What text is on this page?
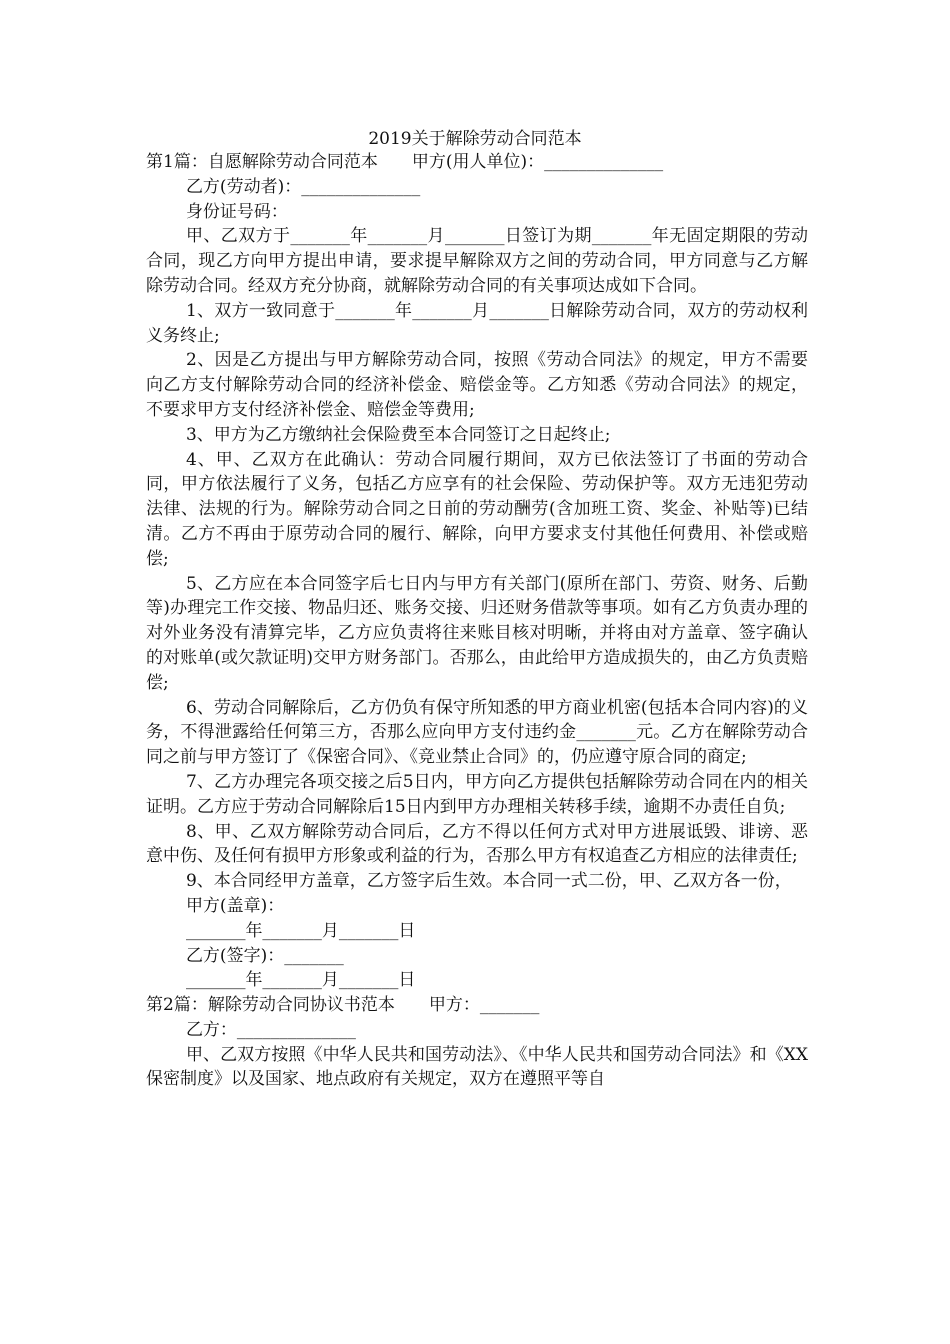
2019关于解除劳动合同范本

第1篇：自愿解除劳动合同范本　　甲方(用人单位)：______________

乙方(劳动者)：______________

身份证号码：

甲、乙双方于_______年_______月_______日签订为期_______年无固定期限的劳动合同，现乙方向甲方提出申请，要求提早解除双方之间的劳动合同，甲方同意与乙方解除劳动合同。经双方充分协商，就解除劳动合同的有关事项达成如下合同。

1、双方一致同意于_______年_______月_______日解除劳动合同，双方的劳动权利义务终止;

2、因是乙方提出与甲方解除劳动合同，按照《劳动合同法》的规定，甲方不需要向乙方支付解除劳动合同的经济补偿金、赔偿金等。乙方知悉《劳动合同法》的规定，不要求甲方支付经济补偿金、赔偿金等费用;

3、甲方为乙方缴纳社会保险费至本合同签订之日起终止;

4、甲、乙双方在此确认：劳动合同履行期间，双方已依法签订了书面的劳动合同，甲方依法履行了义务，包括乙方应享有的社会保险、劳动保护等。双方无违犯劳动法律、法规的行为。解除劳动合同之日前的劳动酬劳(含加班工资、奖金、补贴等)已结清。乙方不再由于原劳动合同的履行、解除，向甲方要求支付其他任何费用、补偿或赔偿;

5、乙方应在本合同签字后七日内与甲方有关部门(原所在部门、劳资、财务、后勤等)办理完工作交接、物品归还、账务交接、归还财务借款等事项。如有乙方负责办理的对外业务没有清算完毕，乙方应负责将往来账目核对明晰，并将由对方盖章、签字确认的对账单(或欠款证明)交甲方财务部门。否那么，由此给甲方造成损失的，由乙方负责赔偿;

6、劳动合同解除后，乙方仍负有保守所知悉的甲方商业机密(包括本合同内容)的义务，不得泄露给任何第三方，否那么应向甲方支付违约金_______元。乙方在解除劳动合同之前与甲方签订了《保密合同》、《竞业禁止合同》的，仍应遵守原合同的商定;

7、乙方办理完各项交接之后5日内，甲方向乙方提供包括解除劳动合同在内的相关证明。乙方应于劳动合同解除后15日内到甲方办理相关转移手续，逾期不办责任自负;

8、甲、乙双方解除劳动合同后，乙方不得以任何方式对甲方进展诋毁、诽谤、恶意中伤、及任何有损甲方形象或利益的行为，否那么甲方有权追查乙方相应的法律责任;

9、本合同经甲方盖章，乙方签字后生效。本合同一式二份，甲、乙双方各一份，

甲方(盖章)：

_______年_______月_______日

乙方(签字)：_______

_______年_______月_______日

第2篇：解除劳动合同协议书范本　　甲方：_______

乙方：______________

甲、乙双方按照《中华人民共和国劳动法》、《中华人民共和国劳动合同法》和《XX保密制度》以及国家、地点政府有关规定，双方在遵照平等自
